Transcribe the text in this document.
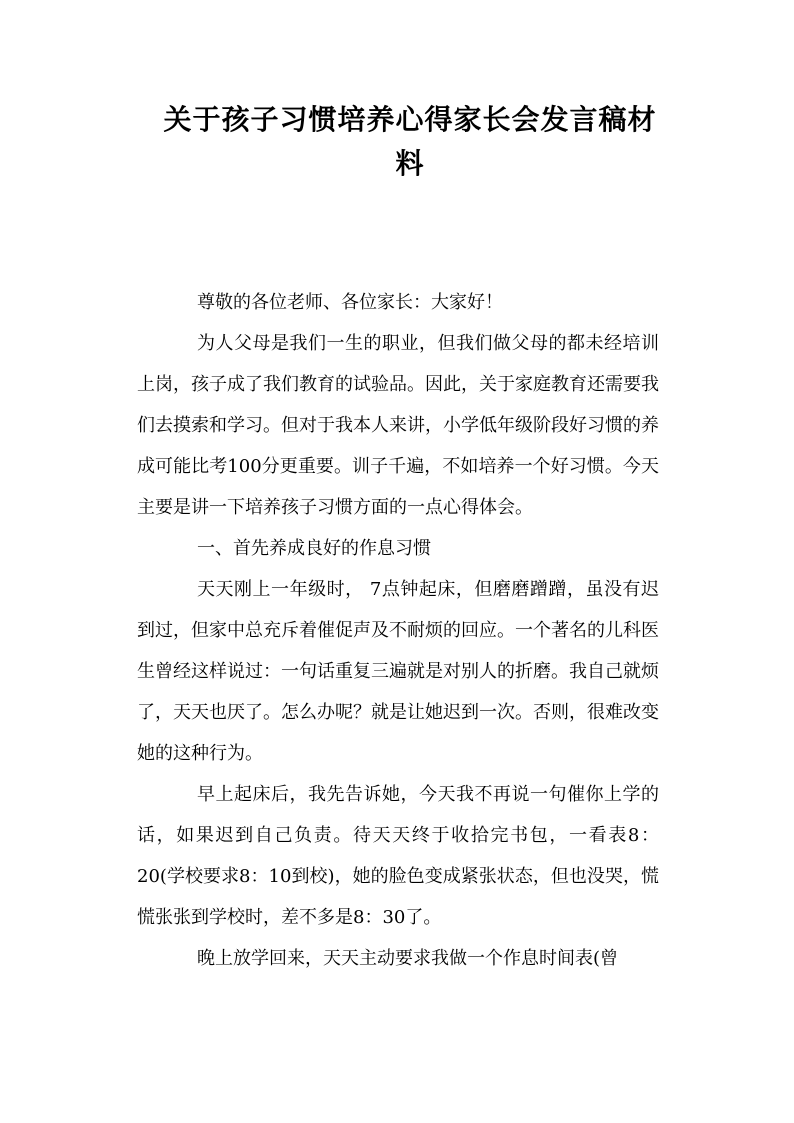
关于孩子习惯培养心得家长会发言稿材料

尊敬的各位老师、各位家长：大家好！

为人父母是我们一生的职业，但我们做父母的都未经培训上岗，孩子成了我们教育的试验品。因此，关于家庭教育还需要我们去摸索和学习。但对于我本人来讲，小学低年级阶段好习惯的养成可能比考100分更重要。训子千遍，不如培养一个好习惯。今天主要是讲一下培养孩子习惯方面的一点心得体会。

一、首先养成良好的作息习惯

天天刚上一年级时， 7点钟起床，但磨磨蹭蹭，虽没有迟到过，但家中总充斥着催促声及不耐烦的回应。一个著名的儿科医生曾经这样说过：一句话重复三遍就是对别人的折磨。我自己就烦了，天天也厌了。怎么办呢？就是让她迟到一次。否则，很难改变她的这种行为。

早上起床后，我先告诉她，今天我不再说一句催你上学的话，如果迟到自己负责。待天天终于收拾完书包，一看表8：20(学校要求8：10到校)，她的脸色变成紧张状态，但也没哭，慌慌张张到学校时，差不多是8：30了。

晚上放学回来，天天主动要求我做一个作息时间表(曾
